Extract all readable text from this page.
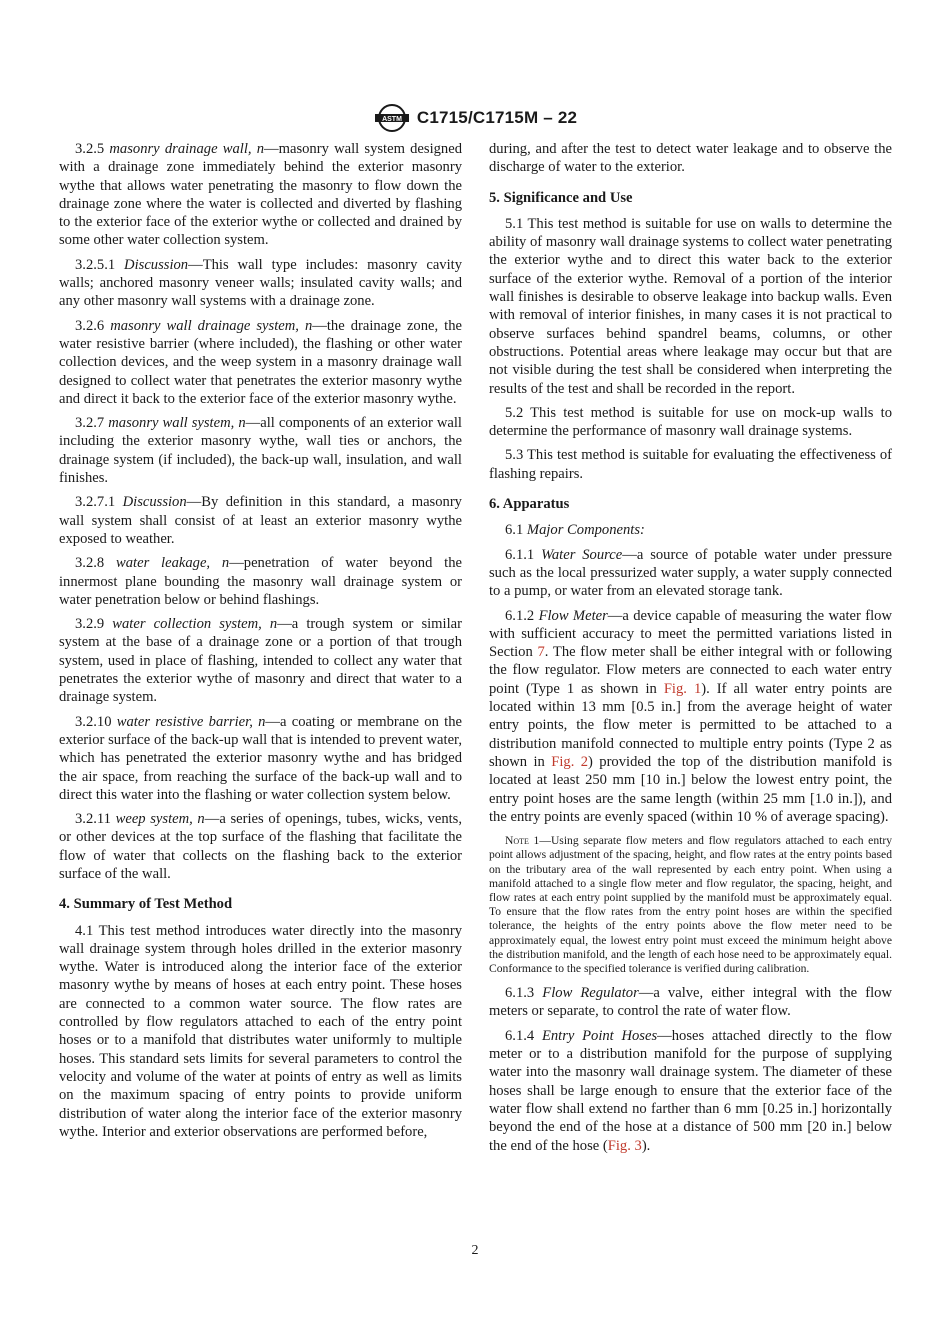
ASTM C1715/C1715M – 22

3.2.5 masonry drainage wall, n—masonry wall system designed with a drainage zone immediately behind the exterior masonry wythe that allows water penetrating the masonry to flow down the drainage zone where the water is collected and diverted by flashing to the exterior face of the exterior wythe or collected and drained by some other water collection system.

3.2.5.1 Discussion—This wall type includes: masonry cavity walls; anchored masonry veneer walls; insulated cavity walls; and any other masonry wall systems with a drainage zone.

3.2.6 masonry wall drainage system, n—the drainage zone, the water resistive barrier (where included), the flashing or other water collection devices, and the weep system in a masonry drainage wall designed to collect water that penetrates the exterior masonry wythe and direct it back to the exterior face of the exterior masonry wythe.

3.2.7 masonry wall system, n—all components of an exterior wall including the exterior masonry wythe, wall ties or anchors, the drainage system (if included), the back-up wall, insulation, and wall finishes.

3.2.7.1 Discussion—By definition in this standard, a masonry wall system shall consist of at least an exterior masonry wythe exposed to weather.

3.2.8 water leakage, n—penetration of water beyond the innermost plane bounding the masonry wall drainage system or water penetration below or behind flashings.

3.2.9 water collection system, n—a trough system or similar system at the base of a drainage zone or a portion of that trough system, used in place of flashing, intended to collect any water that penetrates the exterior wythe of masonry and direct that water to a drainage system.

3.2.10 water resistive barrier, n—a coating or membrane on the exterior surface of the back-up wall that is intended to prevent water, which has penetrated the exterior masonry wythe and has bridged the air space, from reaching the surface of the back-up wall and to direct this water into the flashing or water collection system below.

3.2.11 weep system, n—a series of openings, tubes, wicks, vents, or other devices at the top surface of the flashing that facilitate the flow of water that collects on the flashing back to the exterior surface of the wall.

4. Summary of Test Method

4.1 This test method introduces water directly into the masonry wall drainage system through holes drilled in the exterior masonry wythe. Water is introduced along the interior face of the exterior masonry wythe by means of hoses at each entry point. These hoses are connected to a common water source. The flow rates are controlled by flow regulators attached to each of the entry point hoses or to a manifold that distributes water uniformly to multiple hoses. This standard sets limits for several parameters to control the velocity and volume of the water at points of entry as well as limits on the maximum spacing of entry points to provide uniform distribution of water along the interior face of the exterior masonry wythe. Interior and exterior observations are performed before,

during, and after the test to detect water leakage and to observe the discharge of water to the exterior.

5. Significance and Use

5.1 This test method is suitable for use on walls to determine the ability of masonry wall drainage systems to collect water penetrating the exterior wythe and to direct this water back to the exterior surface of the exterior wythe. Removal of a portion of the interior wall finishes is desirable to observe leakage into backup walls. Even with removal of interior finishes, in many cases it is not practical to observe surfaces behind spandrel beams, columns, or other obstructions. Potential areas where leakage may occur but that are not visible during the test shall be considered when interpreting the results of the test and shall be recorded in the report.

5.2 This test method is suitable for use on mock-up walls to determine the performance of masonry wall drainage systems.

5.3 This test method is suitable for evaluating the effectiveness of flashing repairs.

6. Apparatus

6.1 Major Components:

6.1.1 Water Source—a source of potable water under pressure such as the local pressurized water supply, a water supply connected to a pump, or water from an elevated storage tank.

6.1.2 Flow Meter—a device capable of measuring the water flow with sufficient accuracy to meet the permitted variations listed in Section 7. The flow meter shall be either integral with or following the flow regulator. Flow meters are connected to each water entry point (Type 1 as shown in Fig. 1). If all water entry points are located within 13 mm [0.5 in.] from the average height of water entry points, the flow meter is permitted to be attached to a distribution manifold connected to multiple entry points (Type 2 as shown in Fig. 2) provided the top of the distribution manifold is located at least 250 mm [10 in.] below the lowest entry point, the entry point hoses are the same length (within 25 mm [1.0 in.]), and the entry points are evenly spaced (within 10 % of average spacing).

Note 1—Using separate flow meters and flow regulators attached to each entry point allows adjustment of the spacing, height, and flow rates at the entry points based on the tributary area of the wall represented by each entry point. When using a manifold attached to a single flow meter and flow regulator, the spacing, height, and flow rates at each entry point supplied by the manifold must be approximately equal. To ensure that the flow rates from the entry point hoses are within the specified tolerance, the heights of the entry points above the flow meter need to be approximately equal, the lowest entry point must exceed the minimum height above the distribution manifold, and the length of each hose need to be approximately equal. Conformance to the specified tolerance is verified during calibration.

6.1.3 Flow Regulator—a valve, either integral with the flow meters or separate, to control the rate of water flow.

6.1.4 Entry Point Hoses—hoses attached directly to the flow meter or to a distribution manifold for the purpose of supplying water into the masonry wall drainage system. The diameter of these hoses shall be large enough to ensure that the exterior face of the water flow shall extend no farther than 6 mm [0.25 in.] horizontally beyond the end of the hose at a distance of 500 mm [20 in.] below the end of the hose (Fig. 3).

2
